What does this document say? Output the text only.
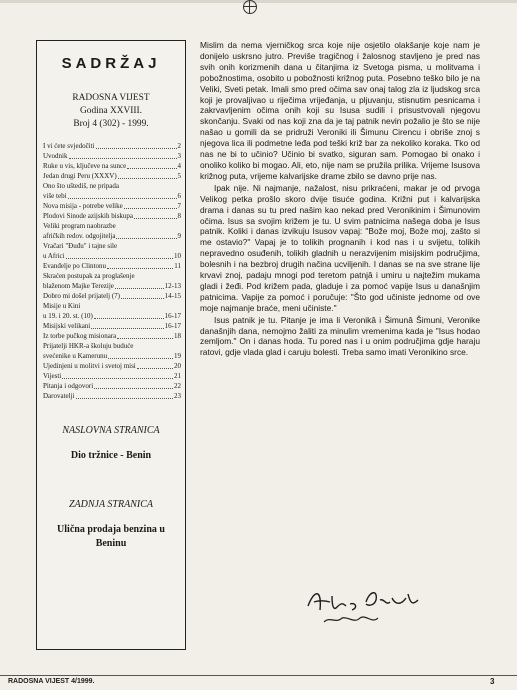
SADRŽAJ
RADOSNA VIJEST
Godina XXVIII.
Broj 4 (302) - 1999.
I vi ćete svjedočiti	2
Uvodnik	3
Ruke u vis, ključeve na sunce	4
Jedan drugi Peru (XXXV)	5
Ono što uštediš, ne pripada
više tebi	6
Nova misija - potrebe velike	7
Plodovi Sinode azijskih biskupa	8
Veliki program naobrazbe
afričkih redov. odgojitelja	9
Vračari "Đuđu" i tajne sile
u Africi	10
Evanđelje po Clintonu	11
Skraćen postupak za proglašenje
blaženom Majke Terezije	12-13
Dobro mi došel prijatelj (7)	14-15
Misije u Kini
u 19. i 20. st. (10)	16-17
Misijski velikani	16-17
Iz torbe pučkog misionara	18
Prijatelji HKR-a školuju buduće
svećenike u Kamerunu	19
Ujedinjeni u molitvi i svetoj misi	20
Vijesti	21
Pitanja i odgovori	22
Darovatelji	23
NASLOVNA STRANICA
Dio tržnice - Benin
ZADNJA STRANICA
Ulična prodaja benzina u Beninu

Mislim da nema vjerničkog srca koje nije osjetilo olakšanje koje nam je donijelo uskrsno jutro. Previše tragičnog i žalosnog stavljeno je pred nas svih onih korizmenih dana u čitanjima iz Svetoga pisma, u molitvama i pobožnostima, osobito u pobožnosti križnog puta. Posebno teško bilo je na Veliki, Sveti petak. Imali smo pred očima sav onaj talog zla iz ljudskog srca koji je provaljivao u riječima vrijeđanja, u pljuvanju, stisnutim pesnicama i zakrvavljenim očima onih koji su Isusa sudili i prisustvovali njegovu skončanju. Svaki od nas koji zna da je taj patnik nevin požalio je što se nije našao u gomili da se pridruži Veroniki ili Šimunu Cirencu i obriše znoj s njegova lica ili podmetne leđa pod teški križ bar za nekoliko koraka. Tko od nas ne bi to učinio? Učinio bi svatko, siguran sam. Pomogao bi onako i onoliko koliko bi mogao. Ali, eto, nije nam se pružila prilika. Vrijeme Isusova križnog puta, vrijeme kalvarijske drame zbilo se davno prije nas.

Ipak nije. Ni najmanje, nažalost, nisu prikraćeni, makar je od prvoga Velikog petka prošlo skoro dvije tisuće godina. Križni put i kalvarijska drama i danas su tu pred našim kao nekad pred Veronikinim i Šimunovim očima. Isus sa svojim križem je tu. U svim patnicima našega doba je Isus patnik. Koliki i danas izvikuju Isusov vapaj: "Bože moj, Bože moj, zašto si me ostavio?" Vapaj je to tolikih prognanih i kod nas i u svijetu, tolikih nepravedno osuđenih, tolikih gladnih u nerazvijenim misijskim područjima, bolesnih i na bezbroj drugih načina ucviljenih. I danas se na sve strane lije krvavi znoj, padaju mnogi pod teretom patnjâ i umiru u najtežim mukama gladi i žeđi. Pod križem pada, gladuje i za pomoć vapije Isus u današnjim patnicima. Vapije za pomoć i poručuje: "Što god učiniste jednome od ove moje najmanje braće, meni učiniste."

Isus patnik je tu. Pitanje je ima li Veronikâ i Šimunâ Šimuni, Veronike današnjih dana, nemojmo žaliti za minulim vremenima kada je "Isus hodao zemljom." On i danas hoda. Tu pored nas i u onim područjima gdje haraju ratovi, gdje vlada glad i caruju bolesti. Treba samo imati Veronikino srce.

Ante Pavić urednik
RADOSNA VIJEST 4/1999.	3
